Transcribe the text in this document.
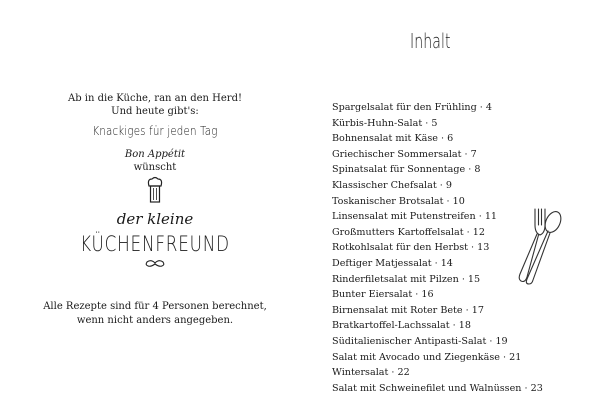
Ab in die Küche, ran an den Herd!
Und heute gibt's:
Knackiges für jeden Tag
Bon Appétit
wünscht
der kleine
KÜCHENFREUND
Alle Rezepte sind für 4 Personen berechnet,
wenn nicht anders angegeben.
Inhalt
Spargelsalat für den Frühling · 4
Kürbis-Huhn-Salat · 5
Bohnensalat mit Käse · 6
Griechischer Sommersalat · 7
Spinatsalat für Sonnentage · 8
Klassischer Chefsalat · 9
Toskanischer Brotsalat · 10
Linsensalat mit Putenstreifen · 11
Großmutters Kartoffelsalat · 12
Rotkohlsalat für den Herbst · 13
Deftiger Matjessalat · 14
Rinderfiletsalat mit Pilzen · 15
Bunter Eiersalat · 16
Birnensalat mit Roter Bete · 17
Bratkartoffel-Lachssalat · 18
Süditalienischer Antipasti-Salat · 19
Salat mit Avocado und Ziegenkäse · 21
Wintersalat · 22
Salat mit Schweinefilet und Walnüssen · 23
